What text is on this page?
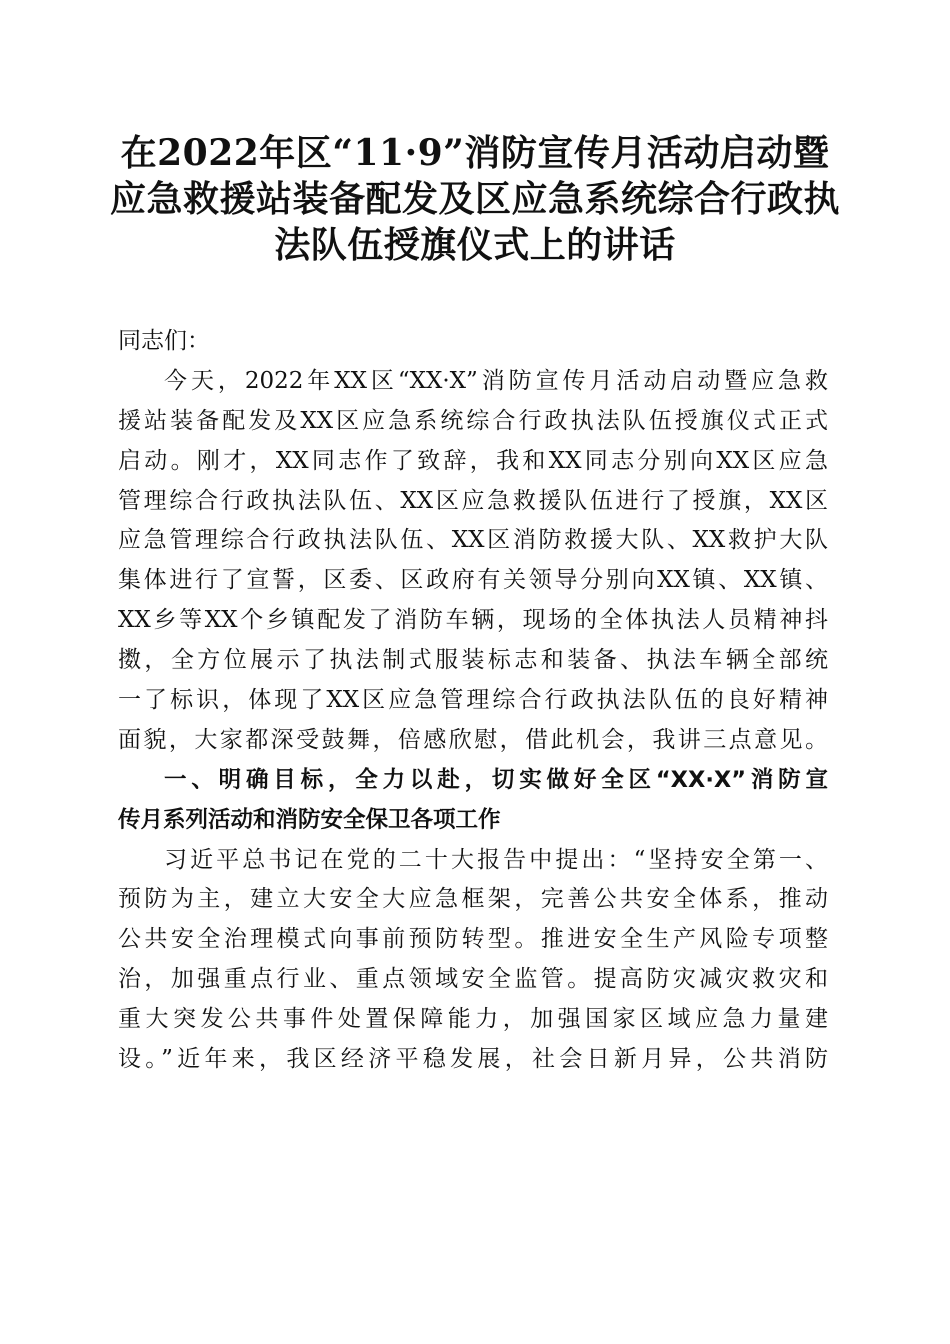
在2022年区“11·9”消防宣传月活动启动暨
应急救援站装备配发及区应急系统综合行政执
法队伍授旗仪式上的讲话
同志们：
今天，2022年XX区“XX·X”消防宣传月活动启动暨应急救
援站装备配发及XX区应急系统综合行政执法队伍授旗仪式正式
启动。刚才，XX同志作了致辞，我和XX同志分别向XX区应急
管理综合行政执法队伍、XX区应急救援队伍进行了授旗，XX区
应急管理综合行政执法队伍、XX区消防救援大队、XX救护大队
集体进行了宣誓，区委、区政府有关领导分别向XX镇、XX镇、
XX乡等XX个乡镇配发了消防车辆，现场的全体执法人员精神抖
擞，全方位展示了执法制式服装标志和装备、执法车辆全部统
一了标识，体现了XX区应急管理综合行政执法队伍的良好精神
面貌，大家都深受鼓舞，倍感欣慰，借此机会，我讲三点意见。
一、明确目标，全力以赴，切实做好全区“XX·X”消防宣
传月系列活动和消防安全保卫各项工作
习近平总书记在党的二十大报告中提出：“坚持安全第一、
预防为主，建立大安全大应急框架，完善公共安全体系，推动
公共安全治理模式向事前预防转型。推进安全生产风险专项整
治，加强重点行业、重点领域安全监管。提高防灾减灾救灾和
重大突发公共事件处置保障能力，加强国家区域应急力量建
设。”近年来，我区经济平稳发展，社会日新月异，公共消防
